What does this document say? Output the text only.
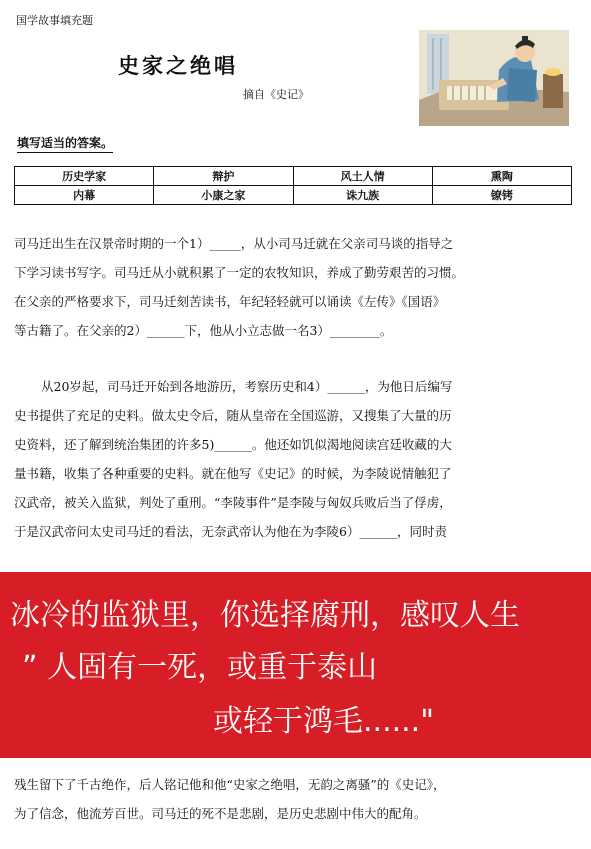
国学故事填充题
史家之绝唱
摘自《史记》
填写适当的答案。
历史学家	辩护	风土人情	熏陶
内幕	小康之家	诛九族	镣铐
司马迁出生在汉景帝时期的一个1）_____，从小司马迁就在父亲司马谈的指导之
下学习读书写字。司马迁从小就积累了一定的农牧知识，养成了勤劳艰苦的习惯。
在父亲的严格要求下，司马迁刻苦读书，年纪轻轻就可以诵读《左传》《国语》
等古籍了。在父亲的2）______下，他从小立志做一名3）________。
从20岁起，司马迁开始到各地游历，考察历史和4）______，为他日后编写
史书提供了充足的史料。做太史令后，随从皇帝在全国巡游，又搜集了大量的历
史资料，还了解到统治集团的许多5)______。他还如饥似渴地阅读宫廷收藏的大
量书籍，收集了各种重要的史料。就在他写《史记》的时候，为李陵说情触犯了
汉武帝，被关入监狱，判处了重刑。“李陵事件”是李陵与匈奴兵败后当了俘虏，
于是汉武帝问太史司马迁的看法，无奈武帝认为他在为李陵6）______，同时责
冰冷的监狱里，你选择腐刑，感叹人生
” 人固有一死，或重于泰山
或轻于鸿毛......"
残生留下了千古绝作，后人铭记他和他“史家之绝唱，无韵之离骚”的《史记》，
为了信念，他流芳百世。司马迁的死不是悲剧，是历史悲剧中伟大的配角。
